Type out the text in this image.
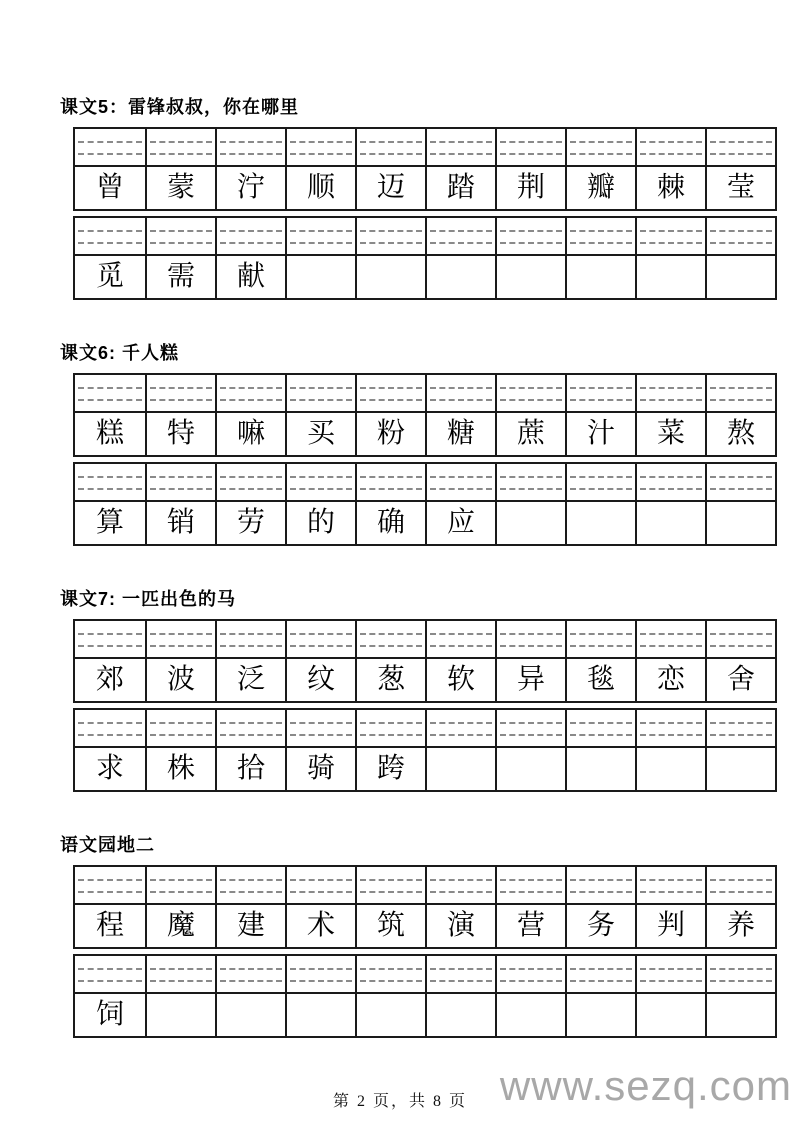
课文5：雷锋叔叔，你在哪里
曾	蒙	泞	顺	迈	踏	荆	瓣	棘	莹
觅	需	献
课文6: 千人糕
糕	特	嘛	买	粉	糖	蔗	汁	菜	熬
算	销	劳	的	确	应
课文7: 一匹出色的马
郊	波	泛	纹	葱	软	异	毯	恋	舍
求	株	拾	骑	跨
语文园地二
程	魔	建	术	筑	演	营	务	判	养
饲
第 2 页，共 8 页 www.sezq.com
